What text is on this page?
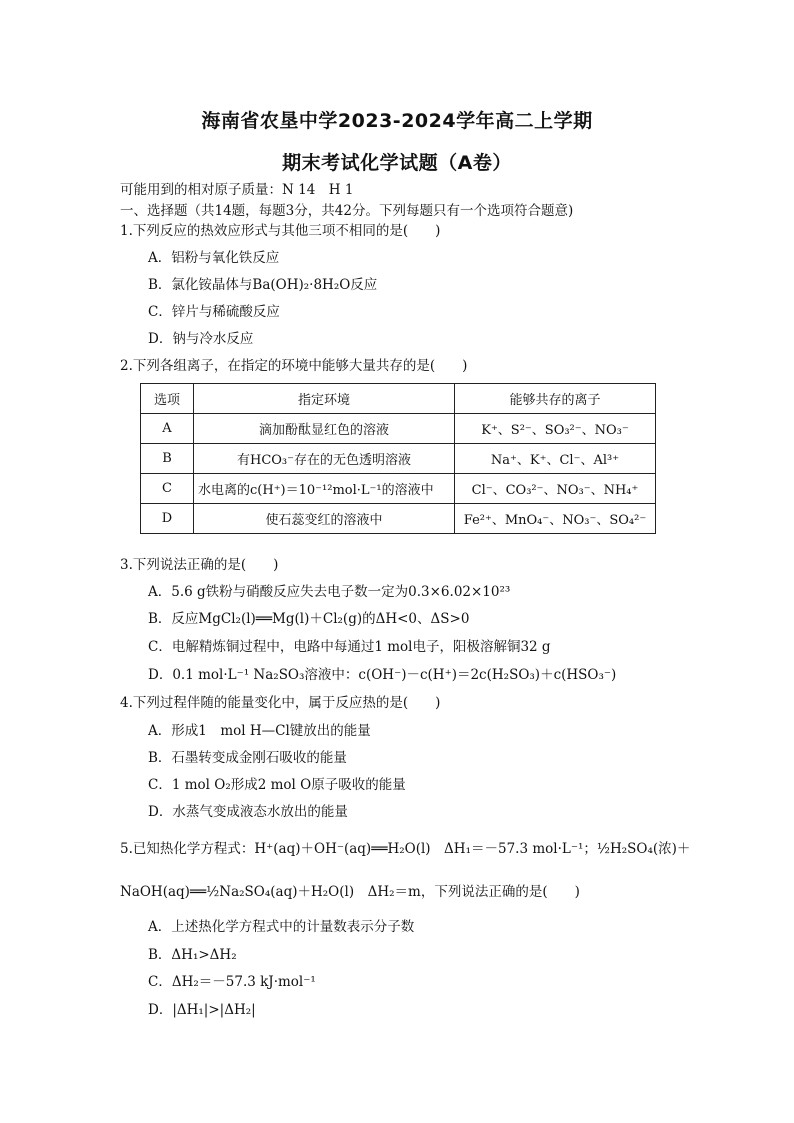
海南省农垦中学2023-2024学年高二上学期
期末考试化学试题（A卷）
可能用到的相对原子质量：N 14　H 1
一、选择题（共14题，每题3分，共42分。下列每题只有一个选项符合题意)
1.下列反应的热效应形式与其他三项不相同的是(　　)
A．铝粉与氧化铁反应
B．氯化铵晶体与Ba(OH)₂·8H₂O反应
C．锌片与稀硫酸反应
D．钠与冷水反应
2.下列各组离子，在指定的环境中能够大量共存的是(　　)
选项	指定环境	能够共存的离子
A	滴加酚酞显红色的溶液	K⁺、S²⁻、SO₃²⁻、NO₃⁻
B	有HCO₃⁻存在的无色透明溶液	Na⁺、K⁺、Cl⁻、Al³⁺
C	水电离的c(H⁺)＝10⁻¹²mol·L⁻¹的溶液中	Cl⁻、CO₃²⁻、NO₃⁻、NH₄⁺
D	使石蕊变红的溶液中	Fe²⁺、MnO₄⁻、NO₃⁻、SO₄²⁻
3.下列说法正确的是(　　)
A．5.6 g铁粉与硝酸反应失去电子数一定为0.3×6.02×10²³
B．反应MgCl₂(l)══Mg(l)＋Cl₂(g)的ΔH<0、ΔS>0
C．电解精炼铜过程中，电路中每通过1 mol电子，阳极溶解铜32 g
D．0.1 mol·L⁻¹ Na₂SO₃溶液中：c(OH⁻)－c(H⁺)＝2c(H₂SO₃)＋c(HSO₃⁻)
4.下列过程伴随的能量变化中，属于反应热的是(　　)
A．形成1　mol H—Cl键放出的能量
B．石墨转变成金刚石吸收的能量
C．1 mol O₂形成2 mol O原子吸收的能量
D．水蒸气变成液态水放出的能量
5.已知热化学方程式：H⁺(aq)＋OH⁻(aq)══H₂O(l)　ΔH₁＝－57.3 mol·L⁻¹；½H₂SO₄(浓)＋
NaOH(aq)══½Na₂SO₄(aq)＋H₂O(l)　ΔH₂＝m，下列说法正确的是(　　)
A．上述热化学方程式中的计量数表示分子数
B．ΔH₁>ΔH₂
C．ΔH₂＝－57.3 kJ·mol⁻¹
D．|ΔH₁|>|ΔH₂|
